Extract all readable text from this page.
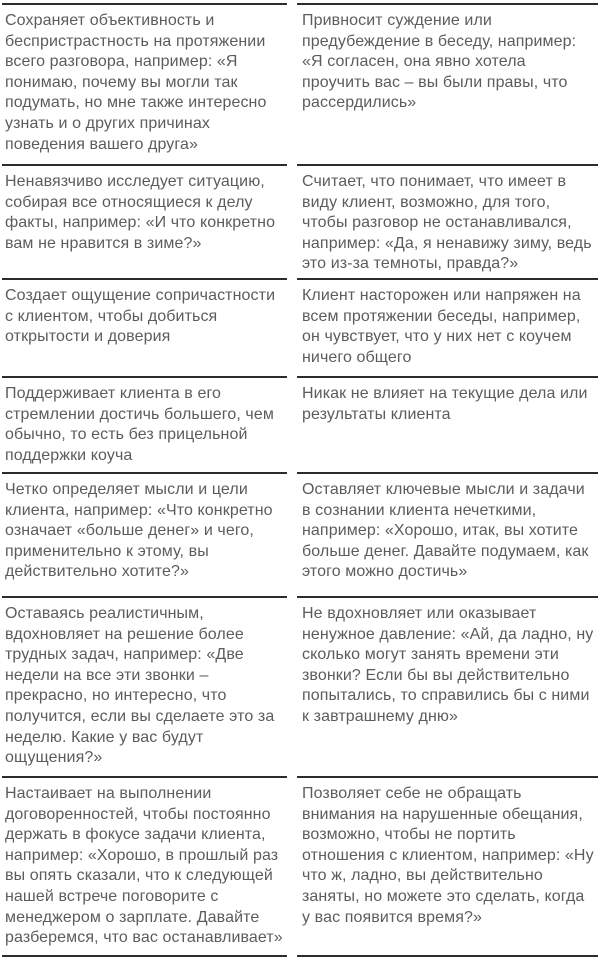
Сохраняет объективность и беспристрастность на протяжении всего разговора, например: «Я понимаю, почему вы могли так подумать, но мне также интересно узнать и о других причинах поведения вашего друга»
Привносит суждение или предубеждение в беседу, например: «Я согласен, она явно хотела проучить вас – вы были правы, что рассердились»
Ненавязчиво исследует ситуацию, собирая все относящиеся к делу факты, например: «И что конкретно вам не нравится в зиме?»
Считает, что понимает, что имеет в виду клиент, возможно, для того, чтобы разговор не останавливался, например: «Да, я ненавижу зиму, ведь это из-за темноты, правда?»
Создает ощущение сопричастности с клиентом, чтобы добиться открытости и доверия
Клиент насторожен или напряжен на всем протяжении беседы, например, он чувствует, что у них нет с коучем ничего общего
Поддерживает клиента в его стремлении достичь большего, чем обычно, то есть без прицельной поддержки коуча
Никак не влияет на текущие дела или результаты клиента
Четко определяет мысли и цели клиента, например: «Что конкретно означает «больше денег» и чего, применительно к этому, вы действительно хотите?»
Оставляет ключевые мысли и задачи в сознании клиента нечеткими, например: «Хорошо, итак, вы хотите больше денег. Давайте подумаем, как этого можно достичь»
Оставаясь реалистичным, вдохновляет на решение более трудных задач, например: «Две недели на все эти звонки – прекрасно, но интересно, что получится, если вы сделаете это за неделю. Какие у вас будут ощущения?»
Не вдохновляет или оказывает ненужное давление: «Ай, да ладно, ну сколько могут занять времени эти звонки? Если бы вы действительно попытались, то справились бы с ними к завтрашнему дню»
Настаивает на выполнении договоренностей, чтобы постоянно держать в фокусе задачи клиента, например: «Хорошо, в прошлый раз вы опять сказали, что к следующей нашей встрече поговорите с менеджером о зарплате. Давайте разберемся, что вас останавливает»
Позволяет себе не обращать внимания на нарушенные обещания, возможно, чтобы не портить отношения с клиентом, например: «Ну что ж, ладно, вы действительно заняты, но можете это сделать, когда у вас появится время?»
